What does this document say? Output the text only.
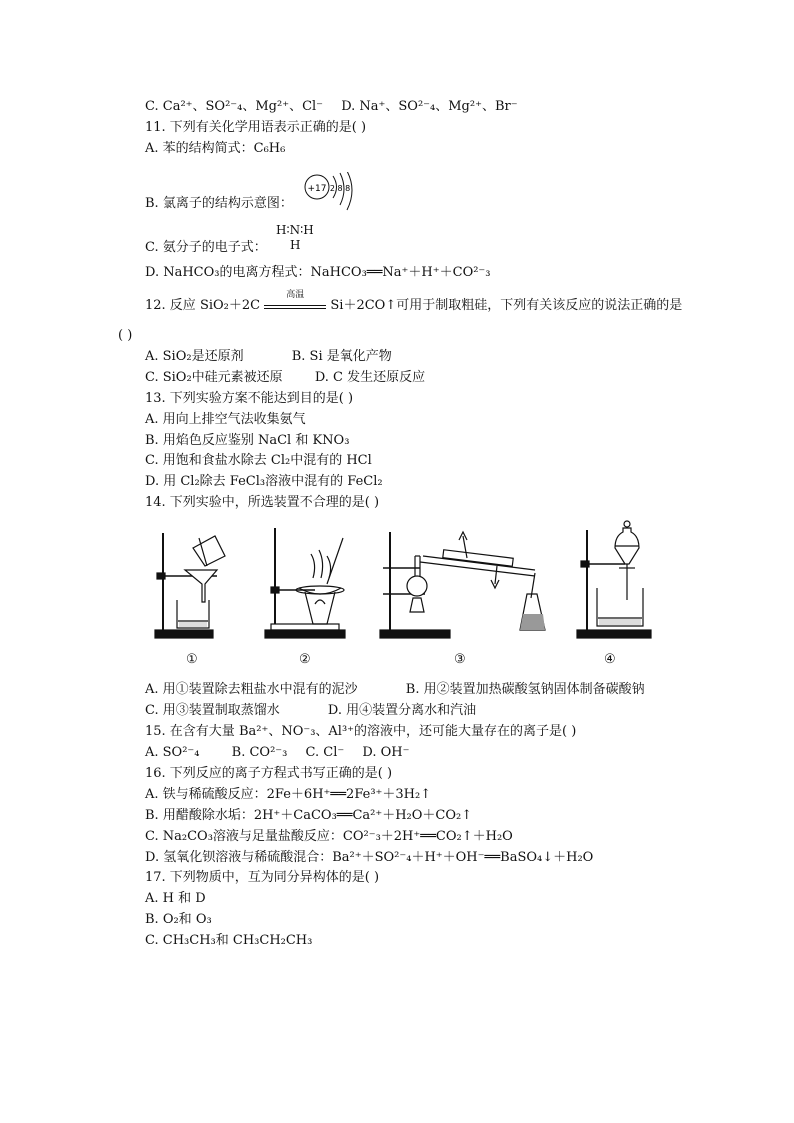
C. Ca²⁺、SO²⁻₄、Mg²⁺、Cl⁻ D. Na⁺、SO²⁻₄、Mg²⁺、Br⁻
11. 下列有关化学用语表示正确的是( )
A. 苯的结构简式：C₆H₆
B. 氯离子的结构示意图：
+17 2 8 8
C. 氨分子的电子式：
H∶N∶H
H
D. NaHCO₃的电离方程式：NaHCO₃══Na⁺＋H⁺＋CO²⁻₃
12. 反应 SiO₂＋2C
高温
Si＋2CO↑可用于制取粗硅，下列有关该反应的说法正确的是
( )
A. SiO₂是还原剂	B. Si 是氧化产物
C. SiO₂中硅元素被还原 D. C 发生还原反应
13. 下列实验方案不能达到目的是( )
A. 用向上排空气法收集氨气
B. 用焰色反应鉴别 NaCl 和 KNO₃
C. 用饱和食盐水除去 Cl₂中混有的 HCl
D. 用 Cl₂除去 FeCl₃溶液中混有的 FeCl₂
14. 下列实验中，所选装置不合理的是( )
①	②	③	④
A. 用①装置除去粗盐水中混有的泥沙	B. 用②装置加热碳酸氢钠固体制备碳酸钠
C. 用③装置制取蒸馏水	D. 用④装置分离水和汽油
15. 在含有大量 Ba²⁺、NO⁻₃、Al³⁺的溶液中，还可能大量存在的离子是( )
A. SO²⁻₄ B. CO²⁻₃ C. Cl⁻ D. OH⁻
16. 下列反应的离子方程式书写正确的是( )
A. 铁与稀硫酸反应：2Fe＋6H⁺══2Fe³⁺＋3H₂↑
B. 用醋酸除水垢：2H⁺＋CaCO₃══Ca²⁺＋H₂O＋CO₂↑
C. Na₂CO₃溶液与足量盐酸反应：CO²⁻₃＋2H⁺══CO₂↑＋H₂O
D. 氢氧化钡溶液与稀硫酸混合：Ba²⁺＋SO²⁻₄＋H⁺＋OH⁻══BaSO₄↓＋H₂O
17. 下列物质中，互为同分异构体的是( )
A. H 和 D
B. O₂和 O₃
C. CH₃CH₃和 CH₃CH₂CH₃
